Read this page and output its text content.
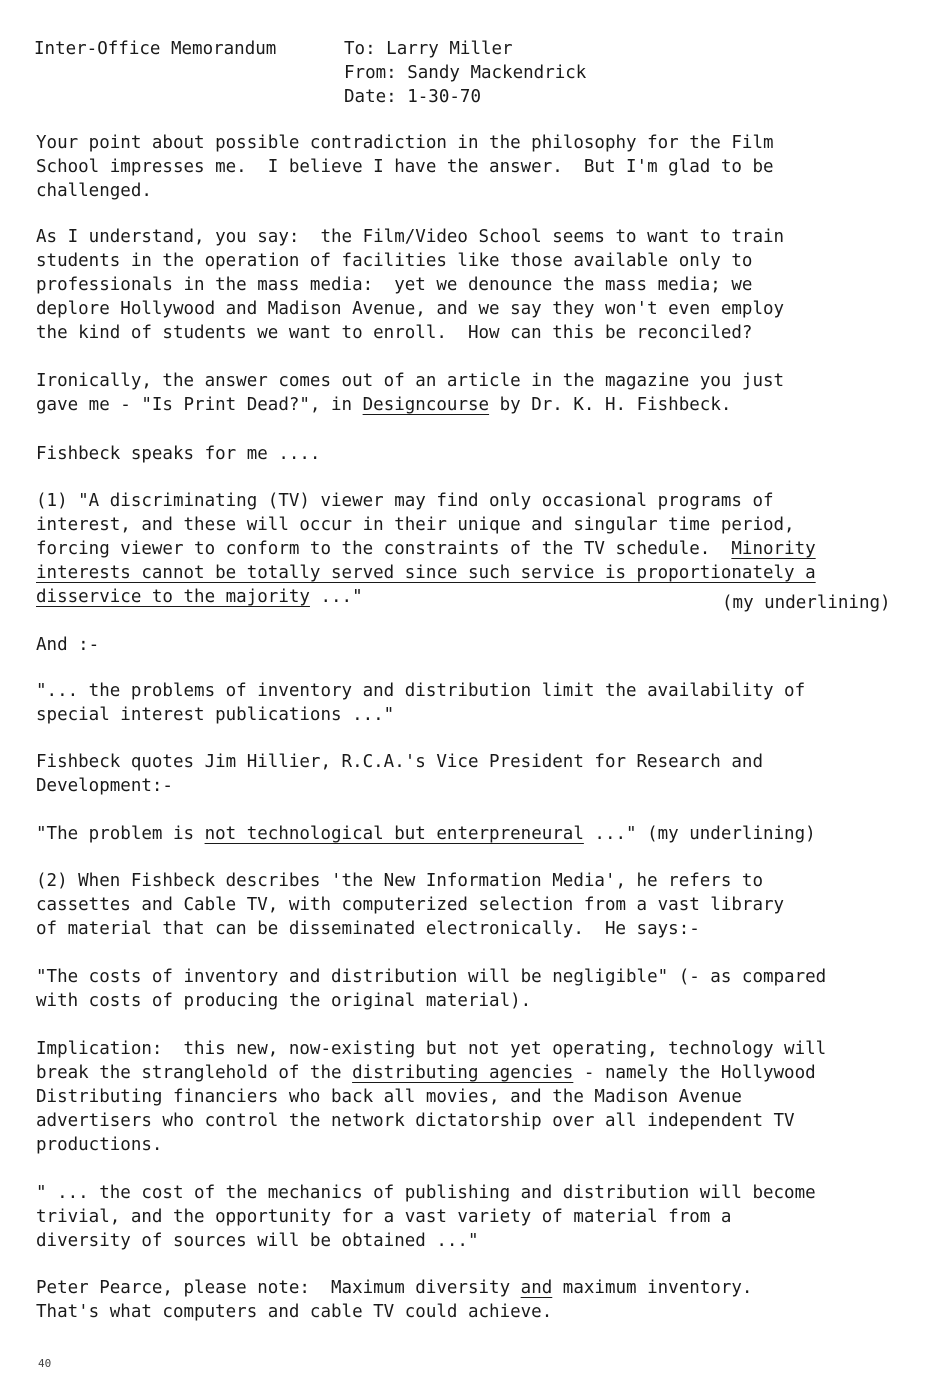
Inter-Office Memorandum	To: Larry Miller
From: Sandy Mackendrick
Date: 1-30-70

Your point about possible contradiction in the philosophy for the Film
School impresses me.  I believe I have the answer.  But I'm glad to be
challenged.

As I understand, you say:  the Film/Video School seems to want to train
students in the operation of facilities like those available only to
professionals in the mass media:  yet we denounce the mass media; we
deplore Hollywood and Madison Avenue, and we say they won't even employ
the kind of students we want to enroll.  How can this be reconciled?

Ironically, the answer comes out of an article in the magazine you just
gave me - "Is Print Dead?", in Designcourse by Dr. K. H. Fishbeck.

Fishbeck speaks for me ....

(1) "A discriminating (TV) viewer may find only occasional programs of
interest, and these will occur in their unique and singular time period,
forcing viewer to conform to the constraints of the TV schedule.  Minority
interests cannot be totally served since such service is proportionately a
disservice to the majority ..."	(my underlining)

And :-

"... the problems of inventory and distribution limit the availability of
special interest publications ..."

Fishbeck quotes Jim Hillier, R.C.A.'s Vice President for Research and
Development:-

"The problem is not technological but enterpreneural ..." (my underlining)

(2) When Fishbeck describes 'the New Information Media', he refers to
cassettes and Cable TV, with computerized selection from a vast library
of material that can be disseminated electronically.  He says:-

"The costs of inventory and distribution will be negligible" (- as compared
with costs of producing the original material).

Implication:  this new, now-existing but not yet operating, technology will
break the stranglehold of the distributing agencies - namely the Hollywood
Distributing financiers who back all movies, and the Madison Avenue
advertisers who control the network dictatorship over all independent TV
productions.

" ... the cost of the mechanics of publishing and distribution will become
trivial, and the opportunity for a vast variety of material from a
diversity of sources will be obtained ..."

Peter Pearce, please note:  Maximum diversity and maximum inventory.
That's what computers and cable TV could achieve.

40
